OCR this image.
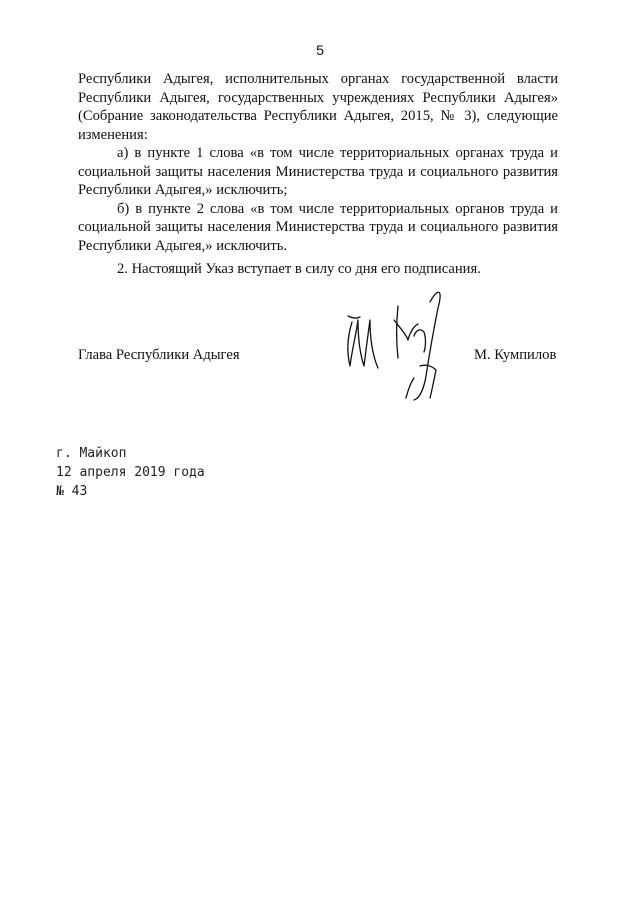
5

Республики Адыгея, исполнительных органах государственной власти Республики Адыгея, государственных учреждениях Республики Адыгея» (Собрание законодательства Республики Адыгея, 2015, № 3), следующие изменения:

а) в пункте 1 слова «в том числе территориальных органах труда и социальной защиты населения Министерства труда и социального развития Республики Адыгея,» исключить;

б) в пункте 2 слова «в том числе территориальных органов труда и социальной защиты населения Министерства труда и социального развития Республики Адыгея,» исключить.

2. Настоящий Указ вступает в силу со дня его подписания.
Глава Республики Адыгея	М. Кумпилов
г. Майкоп
12 апреля 2019 года
№ 43
